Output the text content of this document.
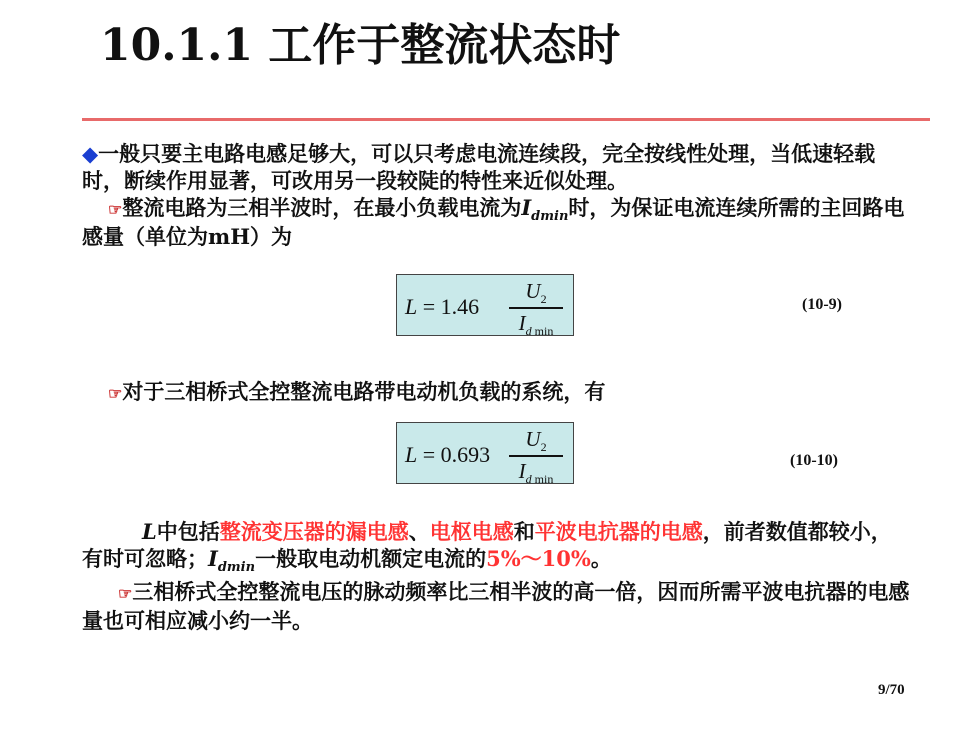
10.1.1 工作于整流状态时
◆一般只要主电路电感足够大，可以只考虑电流连续段，完全按线性处理，当低速轻载时，断续作用显著，可改用另一段较陡的特性来近似处理。
☞整流电路为三相半波时，在最小负载电流为$I_{dmin}$时，为保证电流连续所需的主回路电感量（单位为mH）为
L = 1.46
$U_2$
$I_{d min}$
(10-9)
☞对于三相桥式全控整流电路带电动机负载的系统，有
L = 0.693
$U_2$
$I_{d min}$
(10-10)
L中包括整流变压器的漏电感、电枢电感和平波电抗器的电感，前者数值都较小，有时可忽略；$I_{dmin}$一般取电动机额定电流的5%～10%。
☞三相桥式全控整流电压的脉动频率比三相半波的高一倍，因而所需平波电抗器的电感量也可相应减小约一半。
9/70
